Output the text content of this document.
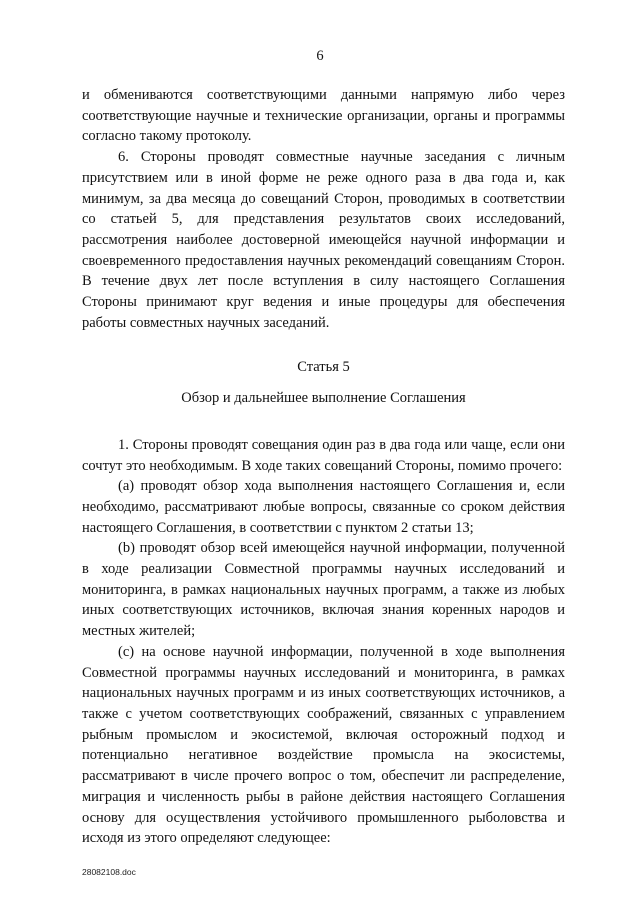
6

и обмениваются соответствующими данными напрямую либо через соответствующие научные и технические организации, органы и программы согласно такому протоколу.

6. Стороны проводят совместные научные заседания с личным присутствием или в иной форме не реже одного раза в два года и, как минимум, за два месяца до совещаний Сторон, проводимых в соответствии со статьей 5, для представления результатов своих исследований, рассмотрения наиболее достоверной имеющейся научной информации и своевременного предоставления научных рекомендаций совещаниям Сторон. В течение двух лет после вступления в силу настоящего Соглашения Стороны принимают круг ведения и иные процедуры для обеспечения работы совместных научных заседаний.

Статья 5

Обзор и дальнейшее выполнение Соглашения

1. Стороны проводят совещания один раз в два года или чаще, если они сочтут это необходимым. В ходе таких совещаний Стороны, помимо прочего:

(a) проводят обзор хода выполнения настоящего Соглашения и, если необходимо, рассматривают любые вопросы, связанные со сроком действия настоящего Соглашения, в соответствии с пунктом 2 статьи 13;

(b) проводят обзор всей имеющейся научной информации, полученной в ходе реализации Совместной программы научных исследований и мониторинга, в рамках национальных научных программ, а также из любых иных соответствующих источников, включая знания коренных народов и местных жителей;

(c) на основе научной информации, полученной в ходе выполнения Совместной программы научных исследований и мониторинга, в рамках национальных научных программ и из иных соответствующих источников, а также с учетом соответствующих соображений, связанных с управлением рыбным промыслом и экосистемой, включая осторожный подход и потенциально негативное воздействие промысла на экосистемы, рассматривают в числе прочего вопрос о том, обеспечит ли распределение, миграция и численность рыбы в районе действия настоящего Соглашения основу для осуществления устойчивого промышленного рыболовства и исходя из этого определяют следующее:

28082108.doc
